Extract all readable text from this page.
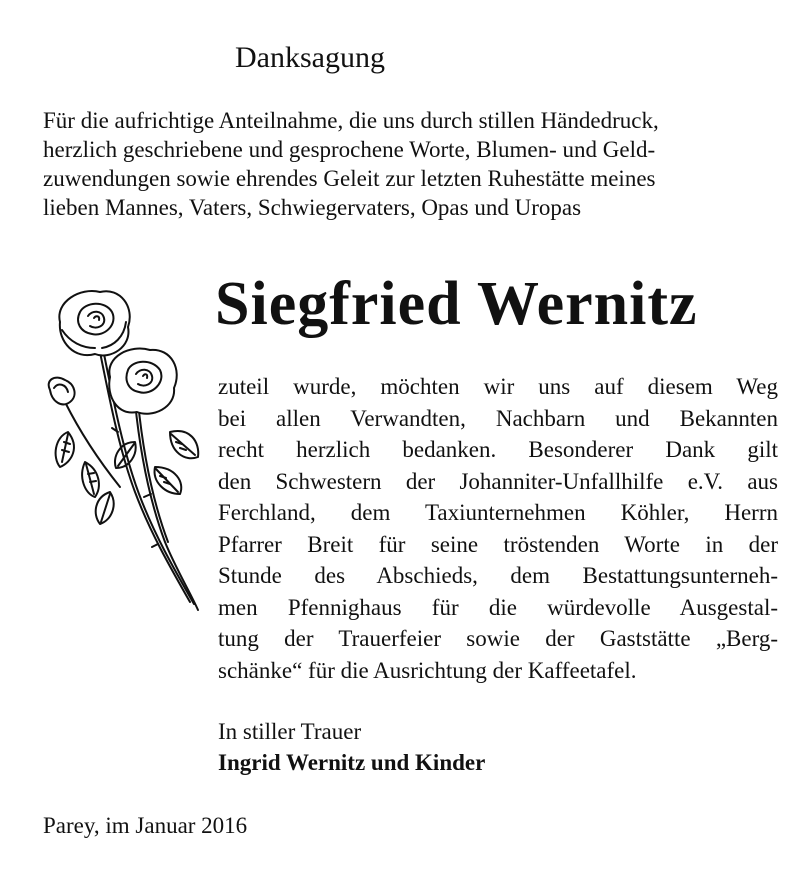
Danksagung
Für die aufrichtige Anteilnahme, die uns durch stillen Händedruck,
herzlich geschriebene und gesprochene Worte, Blumen- und Geld-
zuwendungen sowie ehrendes Geleit zur letzten Ruhestätte meines
lieben Mannes, Vaters, Schwiegervaters, Opas und Uropas
Siegfried Wernitz
zuteil wurde, möchten wir uns auf diesem Weg
bei allen Verwandten, Nachbarn und Bekannten
recht herzlich bedanken. Besonderer Dank gilt
den Schwestern der Johanniter-Unfallhilfe e.V. aus
Ferchland, dem Taxiunternehmen Köhler, Herrn
Pfarrer Breit für seine tröstenden Worte in der
Stunde des Abschieds, dem Bestattungsunterneh-
men Pfennighaus für die würdevolle Ausgestal-
tung der Trauerfeier sowie der Gaststätte „Berg-
schänke“ für die Ausrichtung der Kaffeetafel.
In stiller Trauer
Ingrid Wernitz und Kinder
Parey, im Januar 2016
